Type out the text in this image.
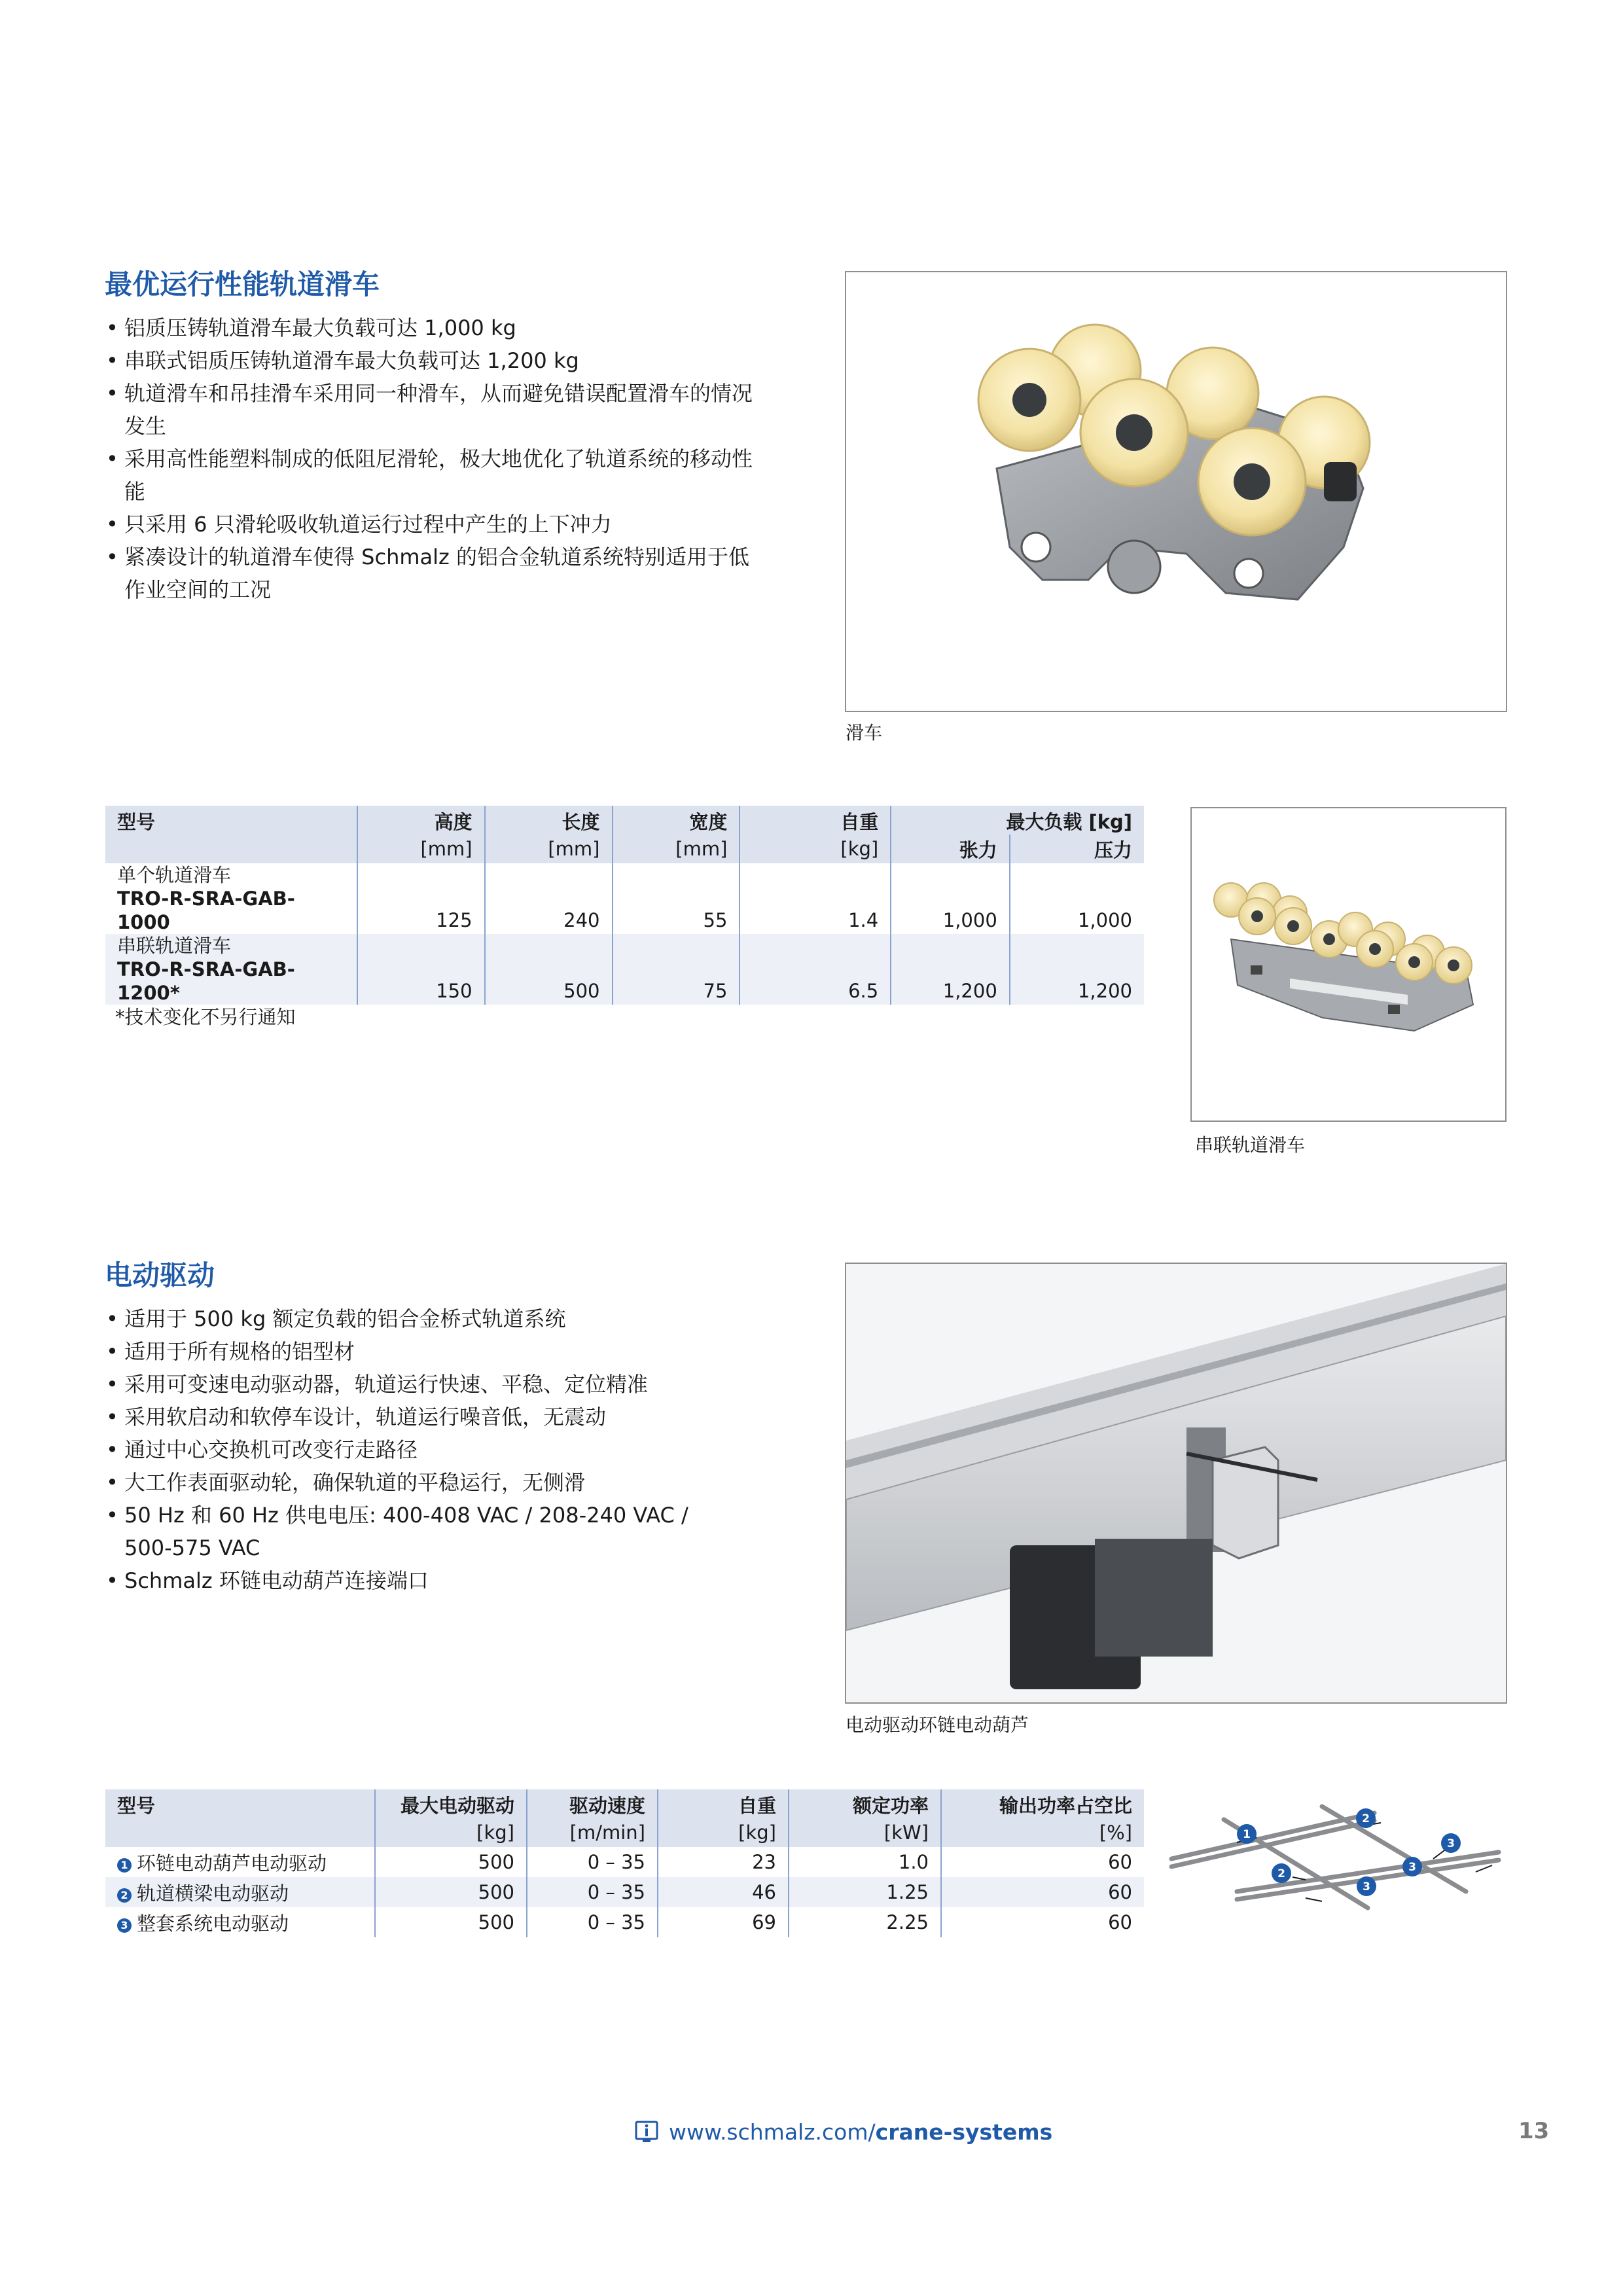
最优运行性能轨道滑车
• 铝质压铸轨道滑车最大负载可达 1,000 kg
• 串联式铝质压铸轨道滑车最大负载可达 1,200 kg
• 轨道滑车和吊挂滑车采用同一种滑车，从而避免错误配置滑车的情况发生
• 采用高性能塑料制成的低阻尼滑轮，极大地优化了轨道系统的移动性能
• 只采用 6 只滑轮吸收轨道运行过程中产生的上下冲力
• 紧凑设计的轨道滑车使得 Schmalz 的铝合金轨道系统特别适用于低作业空间的工况
滑车
型号	高度	长度	宽度	自重	最大负载 [kg]	
	[mm]	[mm]	[mm]	[kg]	张力	压力

单个轨道滑车
TRO-R-SRA-GAB-1000	125	240	55	1.4	1,000	1,000

串联轨道滑车
TRO-R-SRA-GAB-1200*	150	500	75	6.5	1,200	1,200
*技术变化不另行通知
串联轨道滑车
电动驱动
• 适用于 500 kg 额定负载的铝合金桥式轨道系统
• 适用于所有规格的铝型材
• 采用可变速电动驱动器，轨道运行快速、平稳、定位精准
• 采用软启动和软停车设计，轨道运行噪音低，无震动
• 通过中心交换机可改变行走路径
• 大工作表面驱动轮，确保轨道的平稳运行，无侧滑
• 50 Hz 和 60 Hz 供电电压: 400-408 VAC / 208-240 VAC / 500-575 VAC
• Schmalz 环链电动葫芦连接端口
电动驱动环链电动葫芦
型号	最大电动驱动	驱动速度	自重	额定功率	输出功率占空比
	[kg]	[m/min]	[kg]	[kW]	[%]
1 环链电动葫芦电动驱动	500	0 – 35	23	1.0	60
2 轨道横梁电动驱动	500	0 – 35	46	1.25	60
3 整套系统电动驱动	500	0 – 35	69	2.25	60
1
2
2	3
3
3
www.schmalz.com/crane-systems	13
